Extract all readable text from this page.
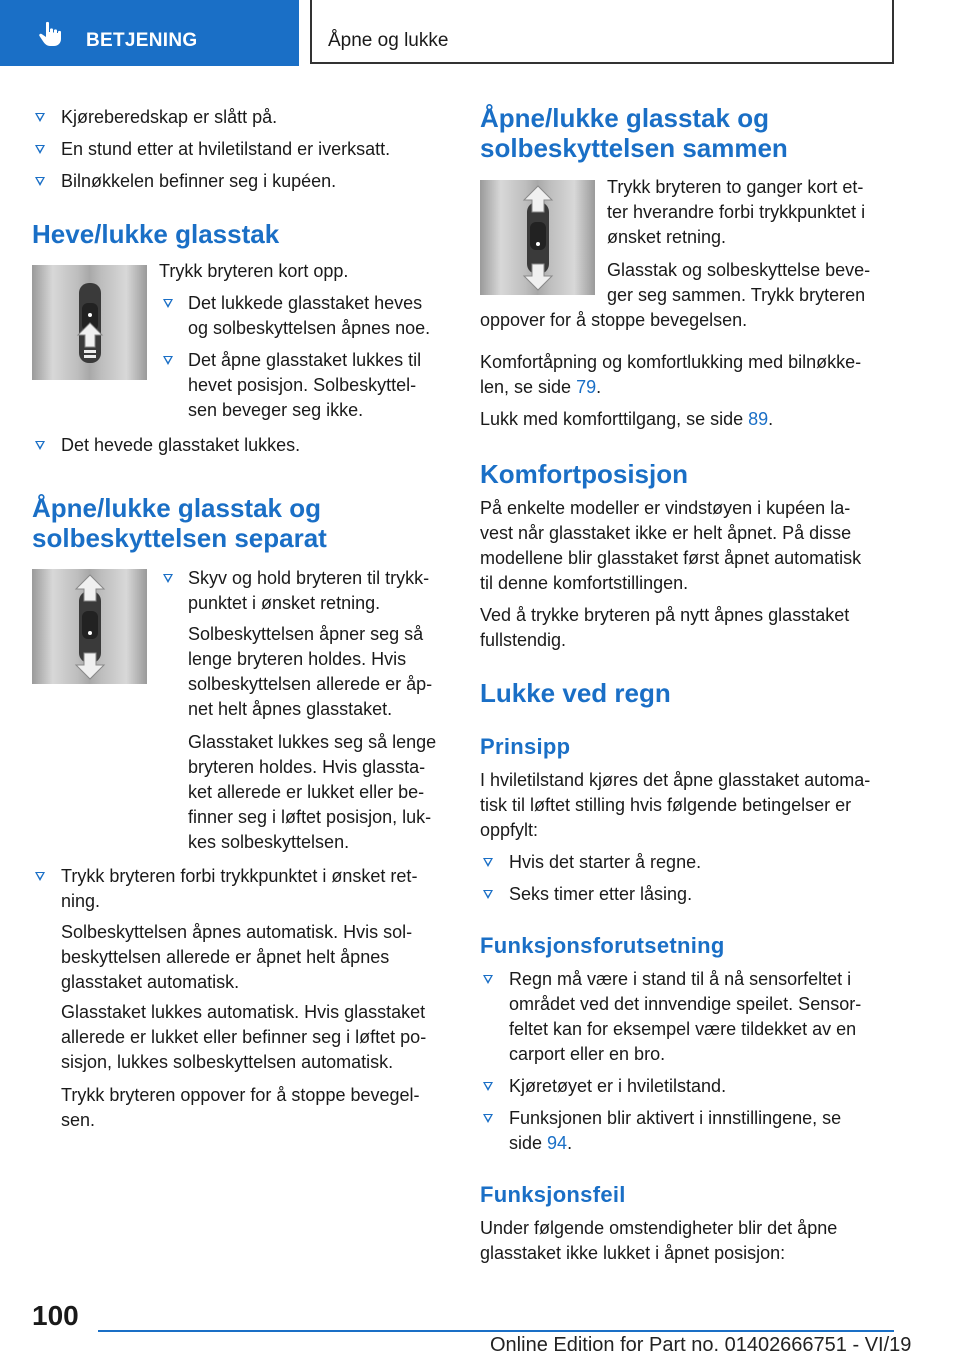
BETJENING	Åpne og lukke
Kjøreberedskap er slått på.
En stund etter at hviletilstand er iverksatt.
Bilnøkkelen befinner seg i kupéen.
Heve/lukke glasstak
Trykk bryteren kort opp.
Det lukkede glasstaket heves
og solbeskyttelsen åpnes noe.
Det åpne glasstaket lukkes til
hevet posisjon. Solbeskyttel-
sen beveger seg ikke.
Det hevede glasstaket lukkes.
Åpne/lukke glasstak og
solbeskyttelsen separat
Skyv og hold bryteren til trykk-
punktet i ønsket retning.
Solbeskyttelsen åpner seg så
lenge bryteren holdes. Hvis
solbeskyttelsen allerede er åp-
net helt åpnes glasstaket.
Glasstaket lukkes seg så lenge
bryteren holdes. Hvis glassta-
ket allerede er lukket eller be-
finner seg i løftet posisjon, luk-
kes solbeskyttelsen.
Trykk bryteren forbi trykkpunktet i ønsket ret-
ning.
Solbeskyttelsen åpnes automatisk. Hvis sol-
beskyttelsen allerede er åpnet helt åpnes
glasstaket automatisk.
Glasstaket lukkes automatisk. Hvis glasstaket
allerede er lukket eller befinner seg i løftet po-
sisjon, lukkes solbeskyttelsen automatisk.
Trykk bryteren oppover for å stoppe bevegel-
sen.
Åpne/lukke glasstak og
solbeskyttelsen sammen
Trykk bryteren to ganger kort et-
ter hverandre forbi trykkpunktet i
ønsket retning.
Glasstak og solbeskyttelse beve-
ger seg sammen. Trykk bryteren
oppover for å stoppe bevegelsen.
Komfortåpning og komfortlukking med bilnøkke-
len, se side 79.
Lukk med komforttilgang, se side 89.
Komfortposisjon
På enkelte modeller er vindstøyen i kupéen la-
vest når glasstaket ikke er helt åpnet. På disse
modellene blir glasstaket først åpnet automatisk
til denne komfortstillingen.
Ved å trykke bryteren på nytt åpnes glasstaket
fullstendig.
Lukke ved regn
Prinsipp
I hviletilstand kjøres det åpne glasstaket automa-
tisk til løftet stilling hvis følgende betingelser er
oppfylt:
Hvis det starter å regne.
Seks timer etter låsing.
Funksjonsforutsetning
Regn må være i stand til å nå sensorfeltet i
området ved det innvendige speilet. Sensor-
feltet kan for eksempel være tildekket av en
carport eller en bro.
Kjøretøyet er i hviletilstand.
Funksjonen blir aktivert i innstillingene, se
side 94.
Funksjonsfeil
Under følgende omstendigheter blir det åpne
glasstaket ikke lukket i åpnet posisjon:
100
Online Edition for Part no. 01402666751 - VI/19
